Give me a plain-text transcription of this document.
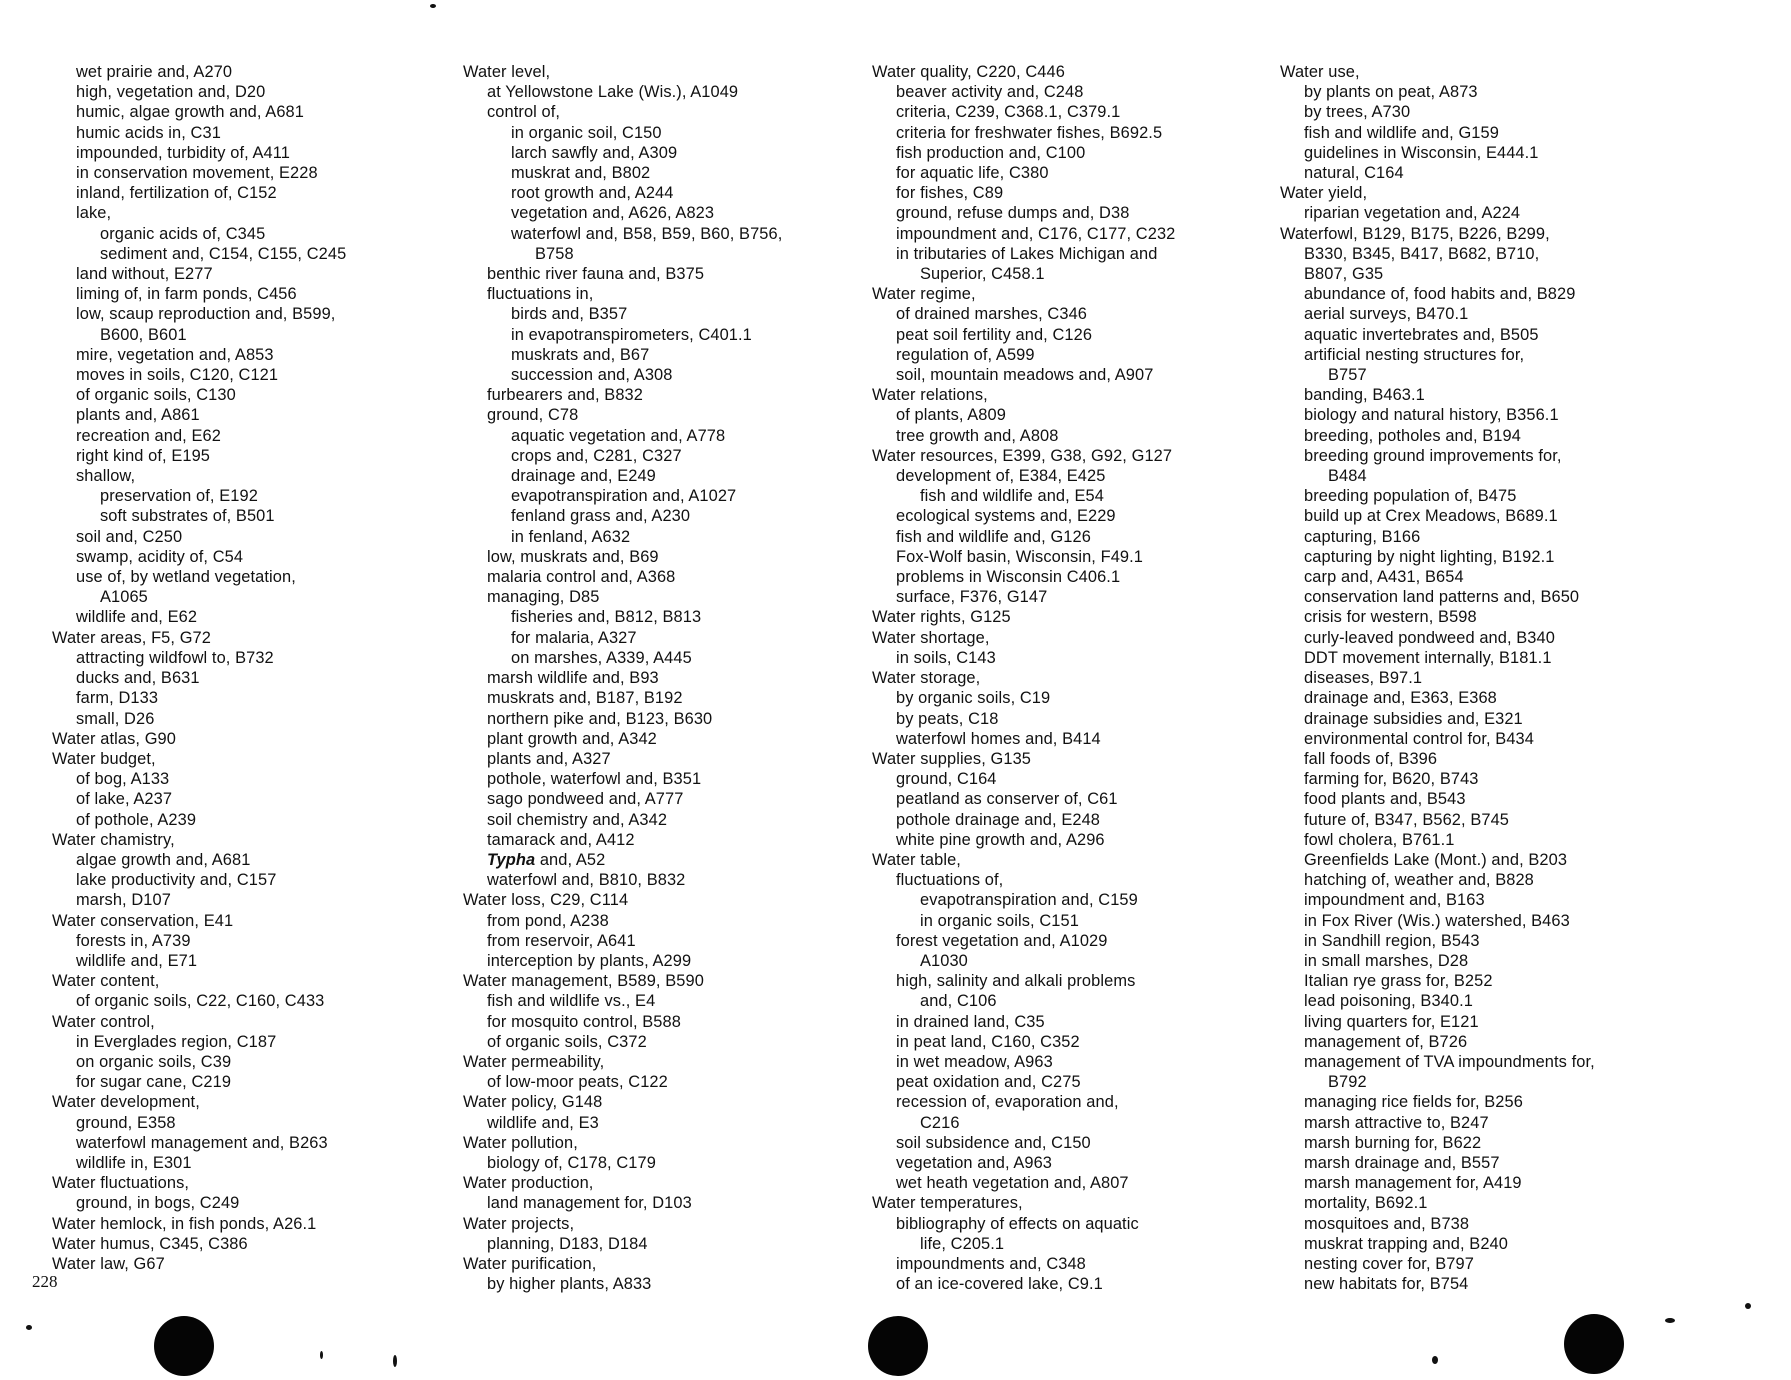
wet prairie and, A270
high, vegetation and, D20
humic, algae growth and, A681
humic acids in, C31
impounded, turbidity of, A411
in conservation movement, E228
inland, fertilization of, C152
lake,
organic acids of, C345
sediment and, C154, C155, C245
land without, E277
liming of, in farm ponds, C456
low, scaup reproduction and, B599,
B600, B601
mire, vegetation and, A853
moves in soils, C120, C121
of organic soils, C130
plants and, A861
recreation and, E62
right kind of, E195
shallow,
preservation of, E192
soft substrates of, B501
soil and, C250
swamp, acidity of, C54
use of, by wetland vegetation,
A1065
wildlife and, E62
Water areas, F5, G72
attracting wildfowl to, B732
ducks and, B631
farm, D133
small, D26
Water atlas, G90
Water budget,
of bog, A133
of lake, A237
of pothole, A239
Water chamistry,
algae growth and, A681
lake productivity and, C157
marsh, D107
Water conservation, E41
forests in, A739
wildlife and, E71
Water content,
of organic soils, C22, C160, C433
Water control,
in Everglades region, C187
on organic soils, C39
for sugar cane, C219
Water development,
ground, E358
waterfowl management and, B263
wildlife in, E301
Water fluctuations,
ground, in bogs, C249
Water hemlock, in fish ponds, A26.1
Water humus, C345, C386
Water law, G67
Water level,
at Yellowstone Lake (Wis.), A1049
control of,
in organic soil, C150
larch sawfly and, A309
muskrat and, B802
root growth and, A244
vegetation and, A626, A823
waterfowl and, B58, B59, B60, B756,
B758
benthic river fauna and, B375
fluctuations in,
birds and, B357
in evapotranspirometers, C401.1
muskrats and, B67
succession and, A308
furbearers and, B832
ground, C78
aquatic vegetation and, A778
crops and, C281, C327
drainage and, E249
evapotranspiration and, A1027
fenland grass and, A230
in fenland, A632
low, muskrats and, B69
malaria control and, A368
managing, D85
fisheries and, B812, B813
for malaria, A327
on marshes, A339, A445
marsh wildlife and, B93
muskrats and, B187, B192
northern pike and, B123, B630
plant growth and, A342
plants and, A327
pothole, waterfowl and, B351
sago pondweed and, A777
soil chemistry and, A342
tamarack and, A412
Typha and, A52
waterfowl and, B810, B832
Water loss, C29, C114
from pond, A238
from reservoir, A641
interception by plants, A299
Water management, B589, B590
fish and wildlife vs., E4
for mosquito control, B588
of organic soils, C372
Water permeability,
of low-moor peats, C122
Water policy, G148
wildlife and, E3
Water pollution,
biology of, C178, C179
Water production,
land management for, D103
Water projects,
planning, D183, D184
Water purification,
by higher plants, A833
Water quality, C220, C446
beaver activity and, C248
criteria, C239, C368.1, C379.1
criteria for freshwater fishes, B692.5
fish production and, C100
for aquatic life, C380
for fishes, C89
ground, refuse dumps and, D38
impoundment and, C176, C177, C232
in tributaries of Lakes Michigan and
Superior, C458.1
Water regime,
of drained marshes, C346
peat soil fertility and, C126
regulation of, A599
soil, mountain meadows and, A907
Water relations,
of plants, A809
tree growth and, A808
Water resources, E399, G38, G92, G127
development of, E384, E425
fish and wildlife and, E54
ecological systems and, E229
fish and wildlife and, G126
Fox-Wolf basin, Wisconsin, F49.1
problems in Wisconsin C406.1
surface, F376, G147
Water rights, G125
Water shortage,
in soils, C143
Water storage,
by organic soils, C19
by peats, C18
waterfowl homes and, B414
Water supplies, G135
ground, C164
peatland as conserver of, C61
pothole drainage and, E248
white pine growth and, A296
Water table,
fluctuations of,
evapotranspiration and, C159
in organic soils, C151
forest vegetation and, A1029
A1030
high, salinity and alkali problems
and, C106
in drained land, C35
in peat land, C160, C352
in wet meadow, A963
peat oxidation and, C275
recession of, evaporation and,
C216
soil subsidence and, C150
vegetation and, A963
wet heath vegetation and, A807
Water temperatures,
bibliography of effects on aquatic
life, C205.1
impoundments and, C348
of an ice-covered lake, C9.1
Water use,
by plants on peat, A873
by trees, A730
fish and wildlife and, G159
guidelines in Wisconsin, E444.1
natural, C164
Water yield,
riparian vegetation and, A224
Waterfowl, B129, B175, B226, B299,
B330, B345, B417, B682, B710,
B807, G35
abundance of, food habits and, B829
aerial surveys, B470.1
aquatic invertebrates and, B505
artificial nesting structures for,
B757
banding, B463.1
biology and natural history, B356.1
breeding, potholes and, B194
breeding ground improvements for,
B484
breeding population of, B475
build up at Crex Meadows, B689.1
capturing, B166
capturing by night lighting, B192.1
carp and, A431, B654
conservation land patterns and, B650
crisis for western, B598
curly-leaved pondweed and, B340
DDT movement internally, B181.1
diseases, B97.1
drainage and, E363, E368
drainage subsidies and, E321
environmental control for, B434
fall foods of, B396
farming for, B620, B743
food plants and, B543
future of, B347, B562, B745
fowl cholera, B761.1
Greenfields Lake (Mont.) and, B203
hatching of, weather and, B828
impoundment and, B163
in Fox River (Wis.) watershed, B463
in Sandhill region, B543
in small marshes, D28
Italian rye grass for, B252
lead poisoning, B340.1
living quarters for, E121
management of, B726
management of TVA impoundments for,
B792
managing rice fields for, B256
marsh attractive to, B247
marsh burning for, B622
marsh drainage and, B557
marsh management for, A419
mortality, B692.1
mosquitoes and, B738
muskrat trapping and, B240
nesting cover for, B797
new habitats for, B754
228
